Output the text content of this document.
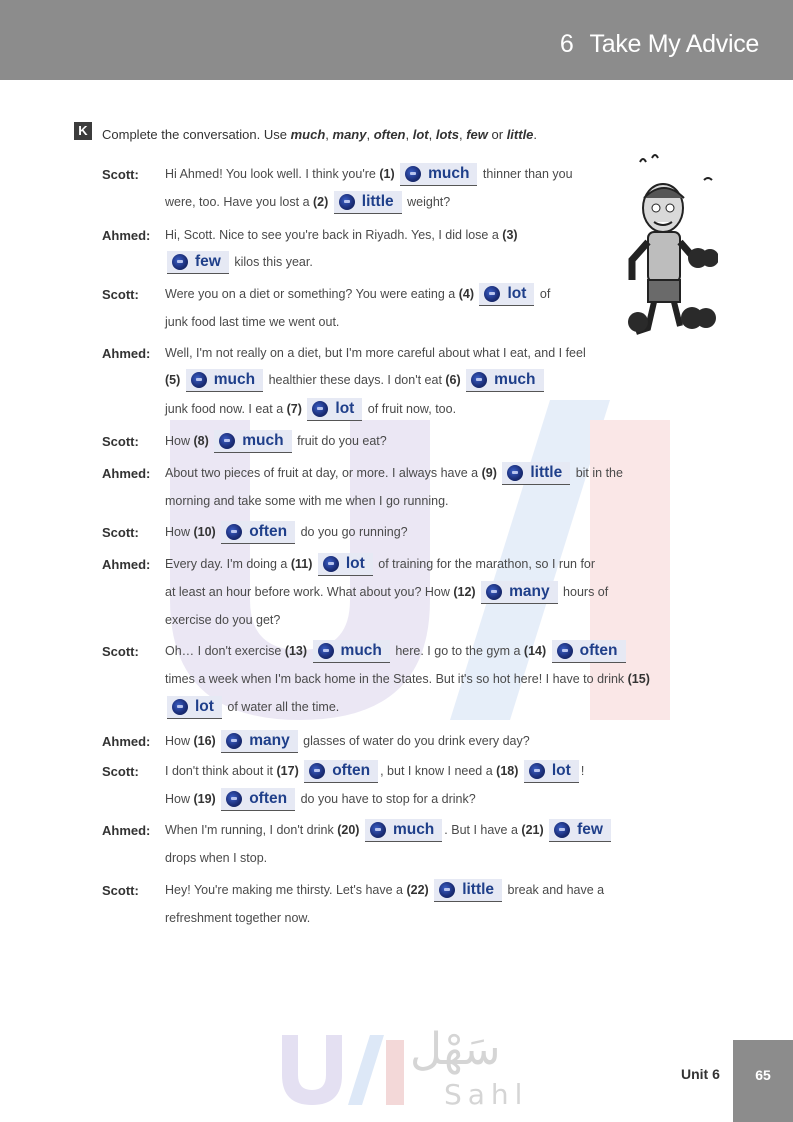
6 Take My Advice
K	Complete the conversation. Use much, many, often, lot, lots, few or little.
Scott: Hi Ahmed! You look well. I think you're (1) much thinner than you
were, too. Have you lost a (2) little weight?
Ahmed: Hi, Scott. Nice to see you're back in Riyadh. Yes, I did lose a (3)
few kilos this year.
Scott: Were you on a diet or something? You were eating a (4) lot of
junk food last time we went out.
Ahmed: Well, I'm not really on a diet, but I'm more careful about what I eat, and I feel
(5) much healthier these days. I don't eat (6) much
junk food now. I eat a (7) lot of fruit now, too.
Scott: How (8) much fruit do you eat?
Ahmed: About two pieces of fruit at day, or more. I always have a (9) little bit in the
morning and take some with me when I go running.
Scott: How (10) often do you go running?
Ahmed: Every day. I'm doing a (11) lot of training for the marathon, so I run for
at least an hour before work. What about you? How (12) many hours of
exercise do you get?
Scott: Oh… I don't exercise (13) much here. I go to the gym a (14) often
times a week when I'm back home in the States. But it's so hot here! I have to drink (15)
lot of water all the time.
Ahmed: How (16) many glasses of water do you drink every day?
Scott: I don't think about it (17) often , but I know I need a (18) lot !
How (19) often do you have to stop for a drink?
Ahmed: When I'm running, I don't drink (20) much . But I have a (21) few
drops when I stop.
Scott: Hey! You're making me thirsty. Let's have a (22) little break and have a
refreshment together now.
سَهْل
Sahl
Unit 6	65
